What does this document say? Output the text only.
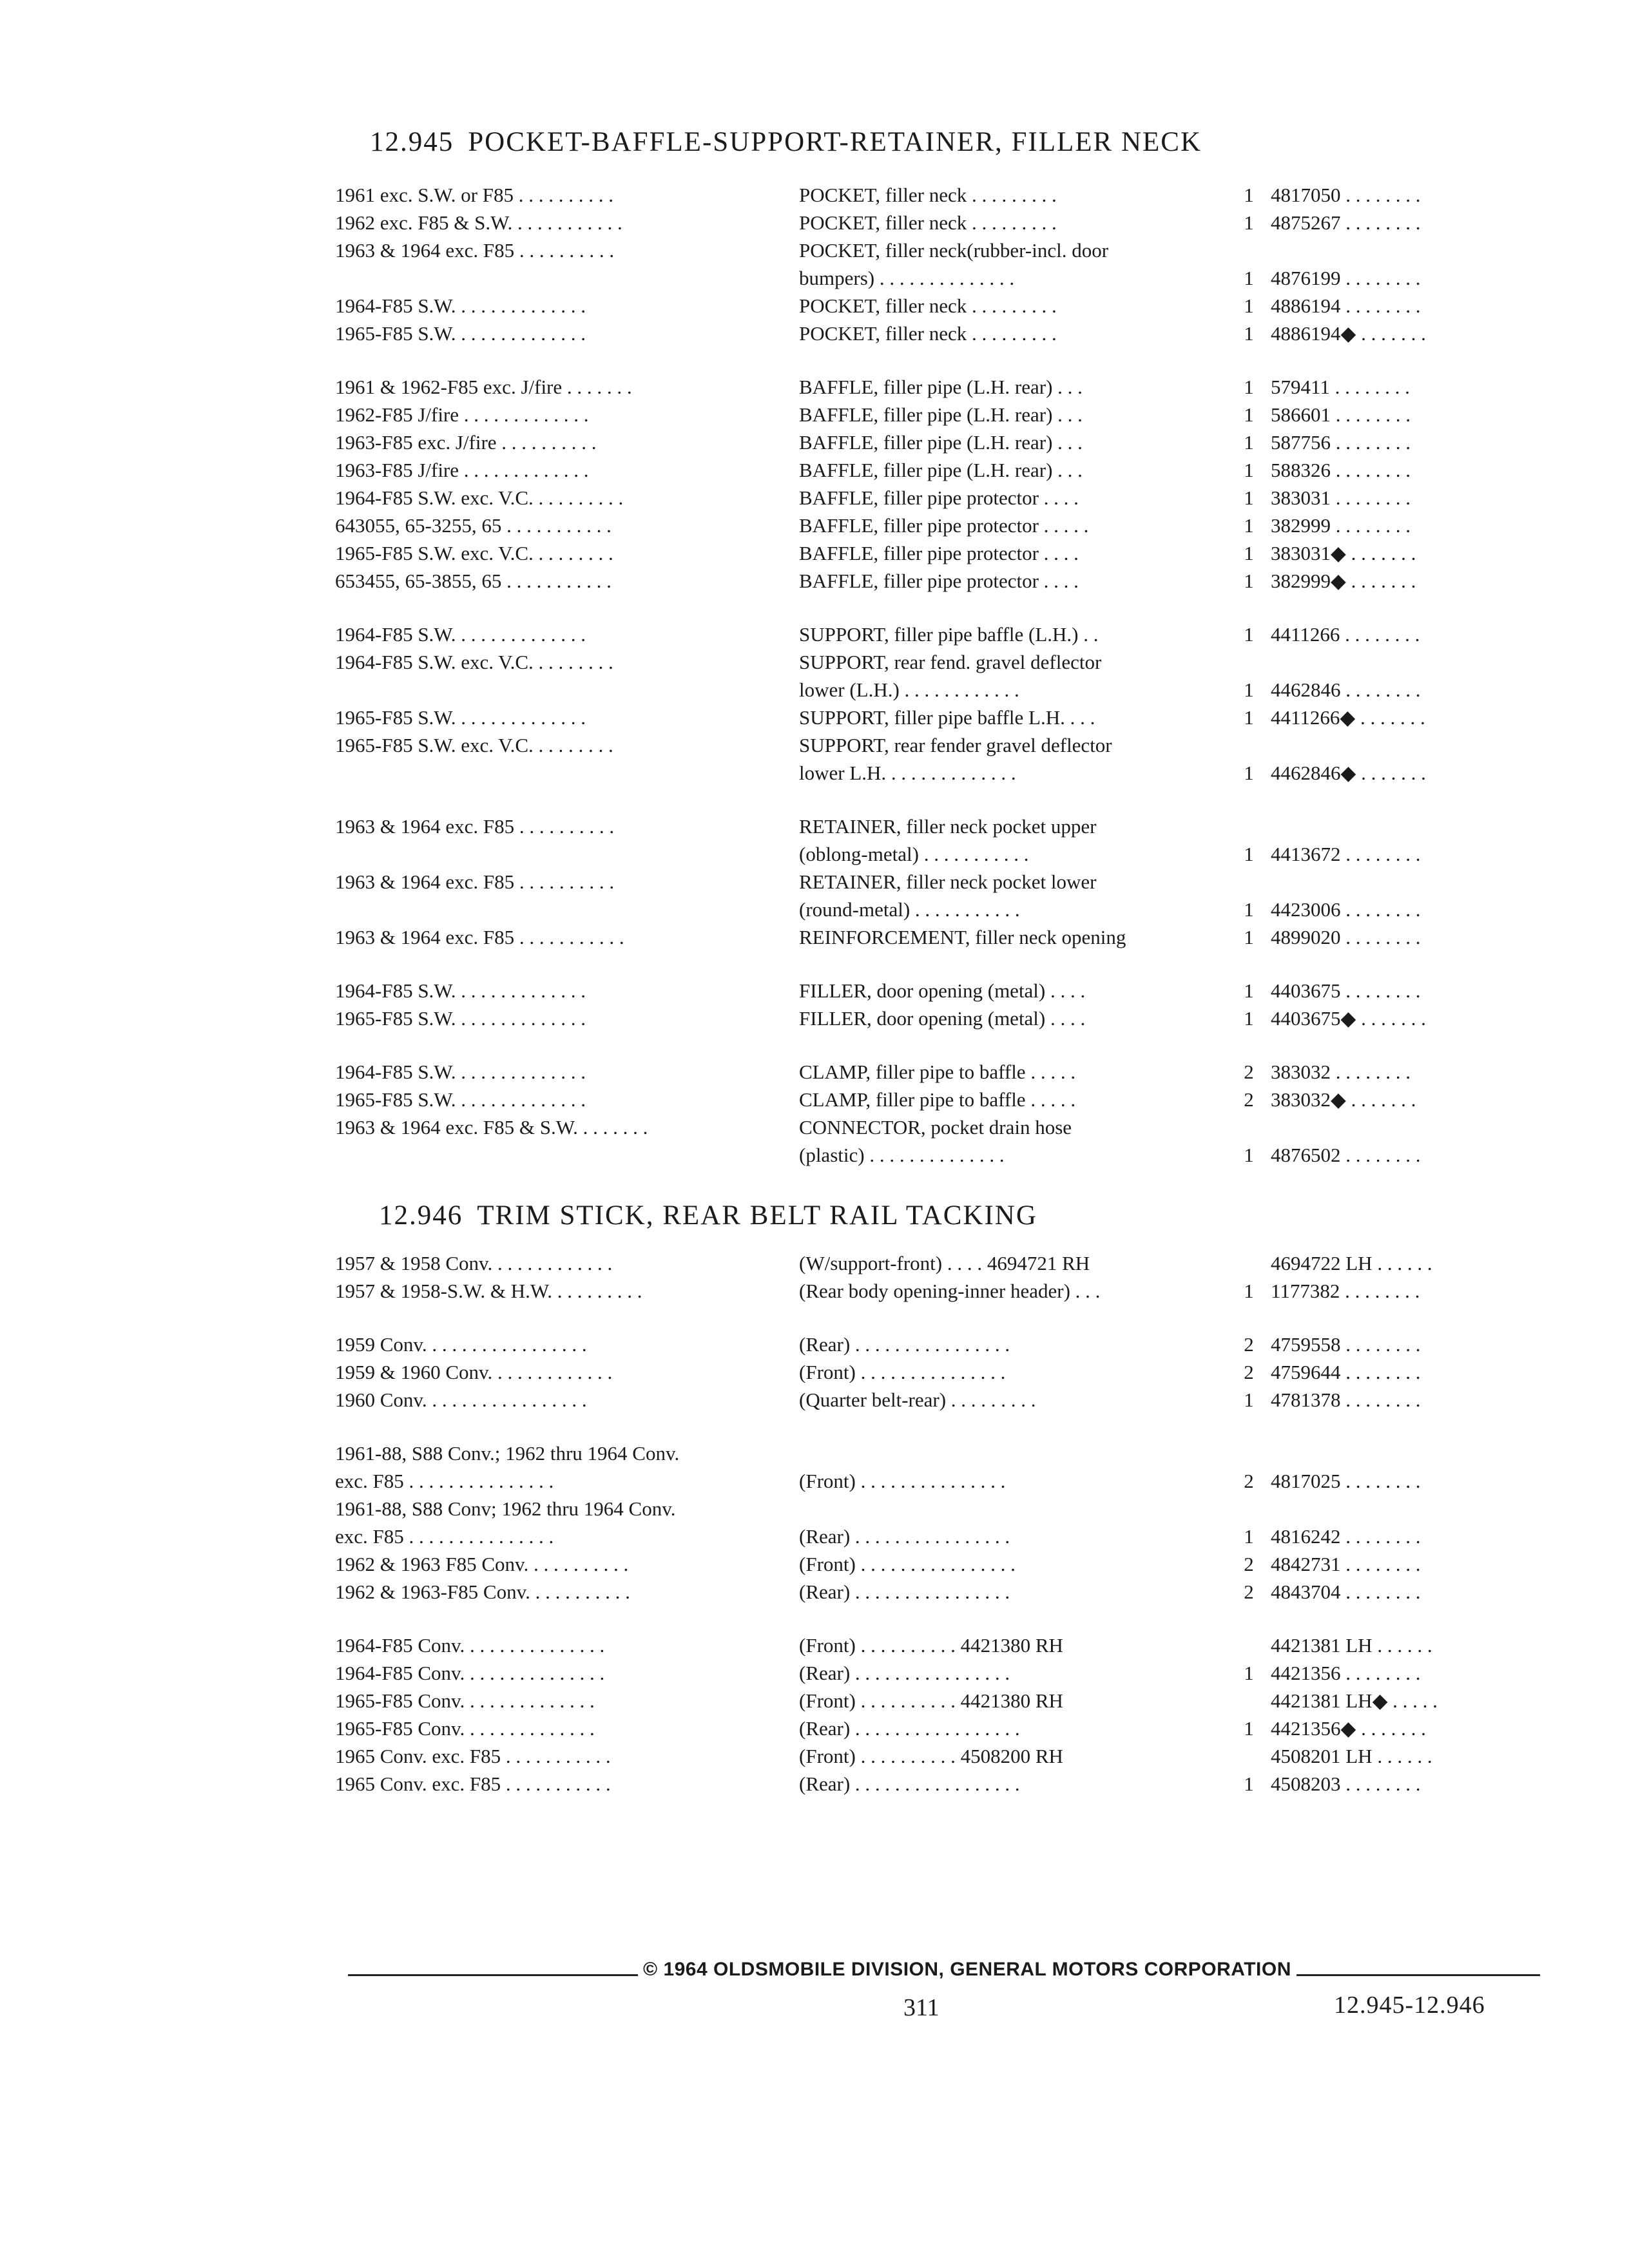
12.945 POCKET-BAFFLE-SUPPORT-RETAINER, FILLER NECK
1961 exc. S.W. or F85 . . . . . . . . . .	POCKET, filler neck . . . . . . . . .	1 4817050 . . . . . . . .
1962 exc. F85 & S.W. . . . . . . . . . . .	POCKET, filler neck . . . . . . . . .	1 4875267 . . . . . . . .
1963 & 1964 exc. F85 . . . . . . . . . .	POCKET, filler neck(rubber-incl. door
bumpers) . . . . . . . . . . . . . .	1 4876199 . . . . . . . .
1964-F85 S.W. . . . . . . . . . . . . .	POCKET, filler neck . . . . . . . . .	1 4886194 . . . . . . . .
1965-F85 S.W. . . . . . . . . . . . . .	POCKET, filler neck . . . . . . . . .	1 4886194◆ . . . . . . .
1961 & 1962-F85 exc. J/fire . . . . . . .	BAFFLE, filler pipe (L.H. rear) . . .	1 579411 . . . . . . . .
1962-F85 J/fire . . . . . . . . . . . . .	BAFFLE, filler pipe (L.H. rear) . . .	1 586601 . . . . . . . .
1963-F85 exc. J/fire . . . . . . . . . .	BAFFLE, filler pipe (L.H. rear) . . .	1 587756 . . . . . . . .
1963-F85 J/fire . . . . . . . . . . . . .	BAFFLE, filler pipe (L.H. rear) . . .	1 588326 . . . . . . . .
1964-F85 S.W. exc. V.C. . . . . . . . . .	BAFFLE, filler pipe protector . . . .	1 383031 . . . . . . . .
643055, 65-3255, 65 . . . . . . . . . . .	BAFFLE, filler pipe protector . . . . .	1 382999 . . . . . . . .
1965-F85 S.W. exc. V.C. . . . . . . . .	BAFFLE, filler pipe protector . . . .	1 383031◆ . . . . . . .
653455, 65-3855, 65 . . . . . . . . . . .	BAFFLE, filler pipe protector . . . .	1 382999◆ . . . . . . .
1964-F85 S.W. . . . . . . . . . . . . .	SUPPORT, filler pipe baffle (L.H.) . .	1 4411266 . . . . . . . .
1964-F85 S.W. exc. V.C. . . . . . . . .	SUPPORT, rear fend. gravel deflector
lower (L.H.) . . . . . . . . . . . .	1 4462846 . . . . . . . .
1965-F85 S.W. . . . . . . . . . . . . .	SUPPORT, filler pipe baffle L.H. . . .	1 4411266◆ . . . . . . .
1965-F85 S.W. exc. V.C. . . . . . . . .	SUPPORT, rear fender gravel deflector
lower L.H. . . . . . . . . . . . . .	1 4462846◆ . . . . . . .
1963 & 1964 exc. F85 . . . . . . . . . .	RETAINER, filler neck pocket upper
(oblong-metal) . . . . . . . . . . .	1 4413672 . . . . . . . .
1963 & 1964 exc. F85 . . . . . . . . . .	RETAINER, filler neck pocket lower
(round-metal) . . . . . . . . . . .	1 4423006 . . . . . . . .
1963 & 1964 exc. F85 . . . . . . . . . . .	REINFORCEMENT, filler neck opening	1 4899020 . . . . . . . .
1964-F85 S.W. . . . . . . . . . . . . .	FILLER, door opening (metal) . . . .	1 4403675 . . . . . . . .
1965-F85 S.W. . . . . . . . . . . . . .	FILLER, door opening (metal) . . . .	1 4403675◆ . . . . . . .
1964-F85 S.W. . . . . . . . . . . . . .	CLAMP, filler pipe to baffle . . . . .	2 383032 . . . . . . . .
1965-F85 S.W. . . . . . . . . . . . . .	CLAMP, filler pipe to baffle . . . . .	2 383032◆ . . . . . . .
1963 & 1964 exc. F85 & S.W. . . . . . . .	CONNECTOR, pocket drain hose
(plastic) . . . . . . . . . . . . . .	1 4876502 . . . . . . . .
12.946 TRIM STICK, REAR BELT RAIL TACKING
1957 & 1958 Conv. . . . . . . . . . . . .	(W/support-front) . . . . 4694721 RH	4694722 LH . . . . . .
1957 & 1958-S.W. & H.W. . . . . . . . . .	(Rear body opening-inner header) . . .	1 1177382 . . . . . . . .
1959 Conv. . . . . . . . . . . . . . . . .	(Rear) . . . . . . . . . . . . . . . .	2 4759558 . . . . . . . .
1959 & 1960 Conv. . . . . . . . . . . . .	(Front) . . . . . . . . . . . . . . .	2 4759644 . . . . . . . .
1960 Conv. . . . . . . . . . . . . . . . .	(Quarter belt-rear) . . . . . . . . .	1 4781378 . . . . . . . .
1961-88, S88 Conv.; 1962 thru 1964 Conv.
exc. F85 . . . . . . . . . . . . . . .	(Front) . . . . . . . . . . . . . . .	2 4817025 . . . . . . . .
1961-88, S88 Conv; 1962 thru 1964 Conv.
exc. F85 . . . . . . . . . . . . . . .	(Rear) . . . . . . . . . . . . . . . .	1 4816242 . . . . . . . .
1962 & 1963 F85 Conv. . . . . . . . . . .	(Front) . . . . . . . . . . . . . . . .	2 4842731 . . . . . . . .
1962 & 1963-F85 Conv. . . . . . . . . . .	(Rear) . . . . . . . . . . . . . . . .	2 4843704 . . . . . . . .
1964-F85 Conv. . . . . . . . . . . . . . .	(Front) . . . . . . . . . . 4421380 RH	4421381 LH . . . . . .
1964-F85 Conv. . . . . . . . . . . . . . .	(Rear) . . . . . . . . . . . . . . . .	1 4421356 . . . . . . . .
1965-F85 Conv. . . . . . . . . . . . . .	(Front) . . . . . . . . . . 4421380 RH	4421381 LH◆ . . . . .
1965-F85 Conv. . . . . . . . . . . . . .	(Rear) . . . . . . . . . . . . . . . . .	1 4421356◆ . . . . . . .
1965 Conv. exc. F85 . . . . . . . . . . .	(Front) . . . . . . . . . . 4508200 RH	4508201 LH . . . . . .
1965 Conv. exc. F85 . . . . . . . . . . .	(Rear) . . . . . . . . . . . . . . . . .	1 4508203 . . . . . . . .
© 1964 OLDSMOBILE DIVISION, GENERAL MOTORS CORPORATION
311	12.945-12.946
